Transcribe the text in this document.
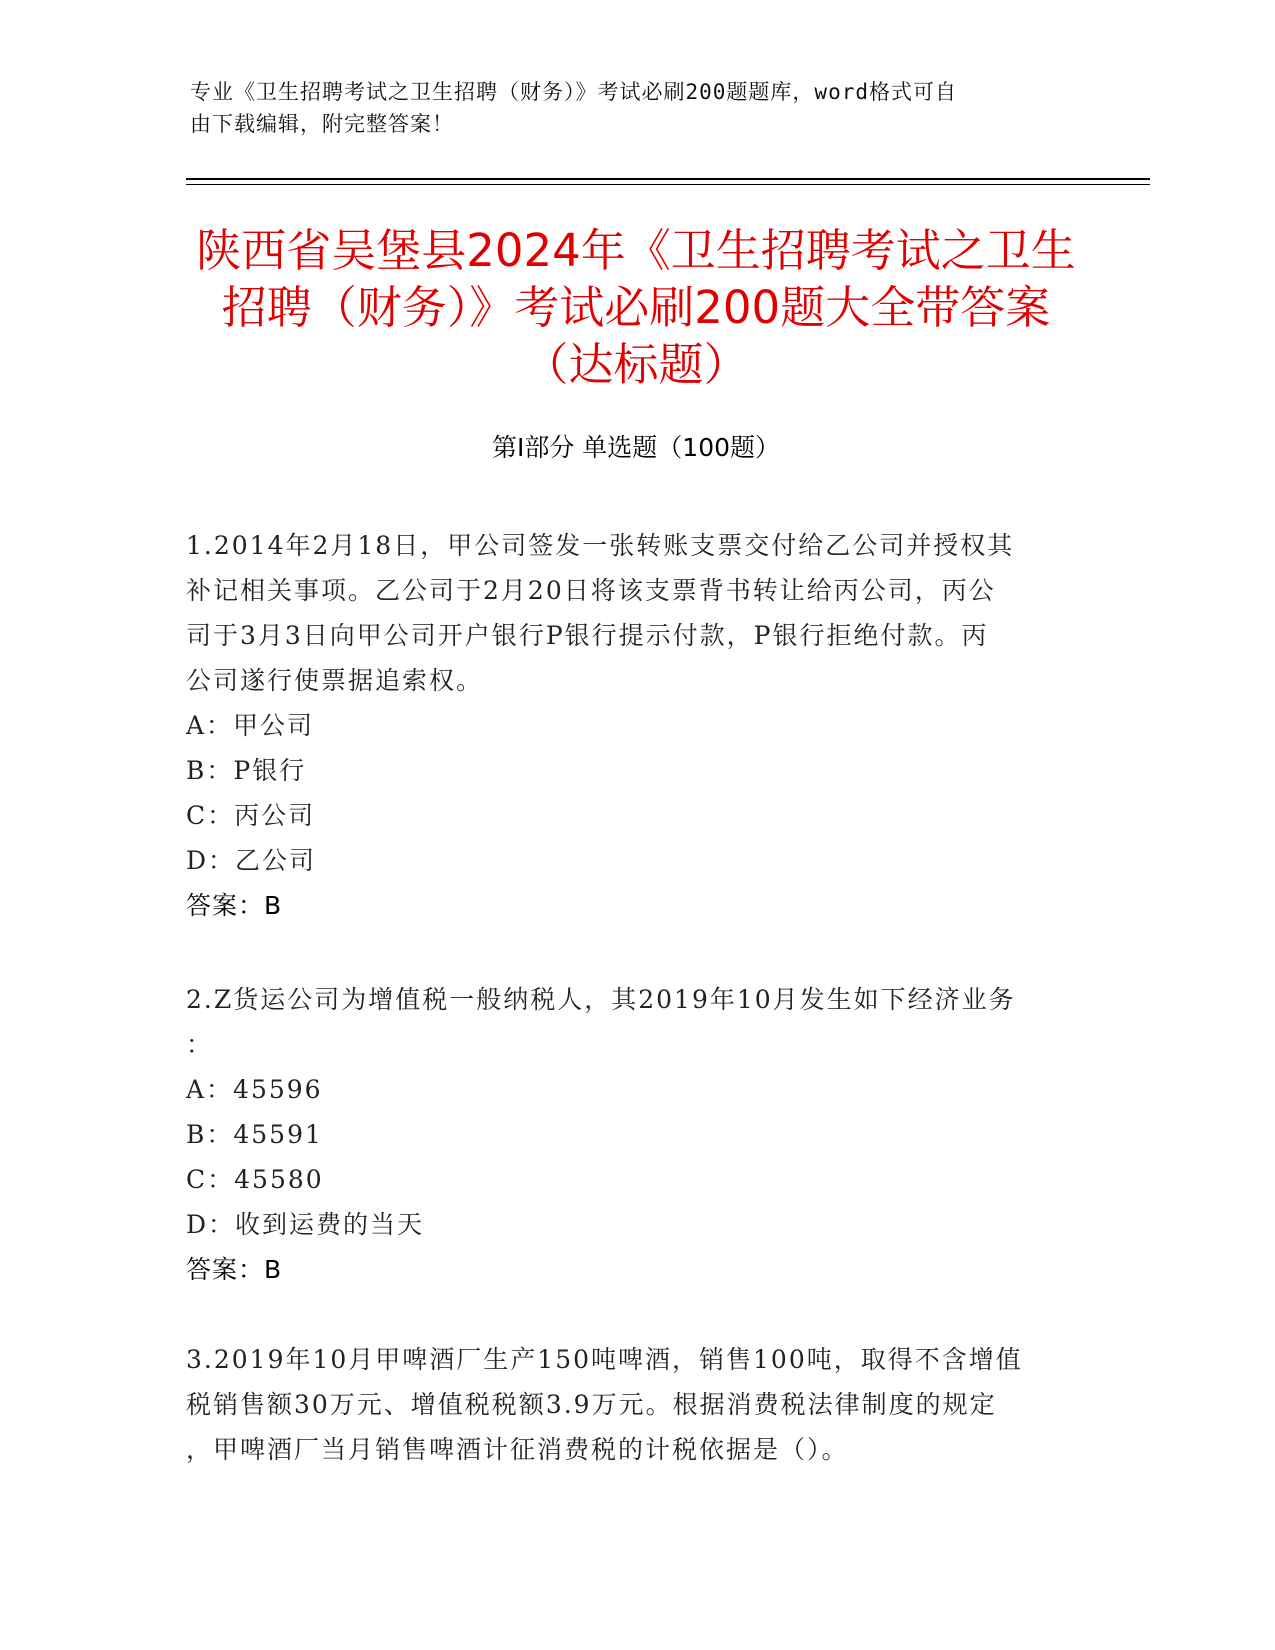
专业《卫生招聘考试之卫生招聘（财务）》考试必刷200题题库，word格式可自
由下载编辑，附完整答案！
陕西省吴堡县2024年《卫生招聘考试之卫生
招聘（财务）》考试必刷200题大全带答案
（达标题）
第Ⅰ部分 单选题（100题）

1.2014年2月18日，甲公司签发一张转账支票交付给乙公司并授权其

补记相关事项。乙公司于2月20日将该支票背书转让给丙公司，丙公

司于3月3日向甲公司开户银行P银行提示付款，P银行拒绝付款。丙

公司遂行使票据追索权。

A：甲公司

B：P银行

C：丙公司

D：乙公司

答案：B

2.Z货运公司为增值税一般纳税人，其2019年10月发生如下经济业务

：

A：45596

B：45591

C：45580

D：收到运费的当天

答案：B

3.2019年10月甲啤酒厂生产150吨啤酒，销售100吨，取得不含增值

税销售额30万元、增值税税额3.9万元。根据消费税法律制度的规定

，甲啤酒厂当月销售啤酒计征消费税的计税依据是（）。
